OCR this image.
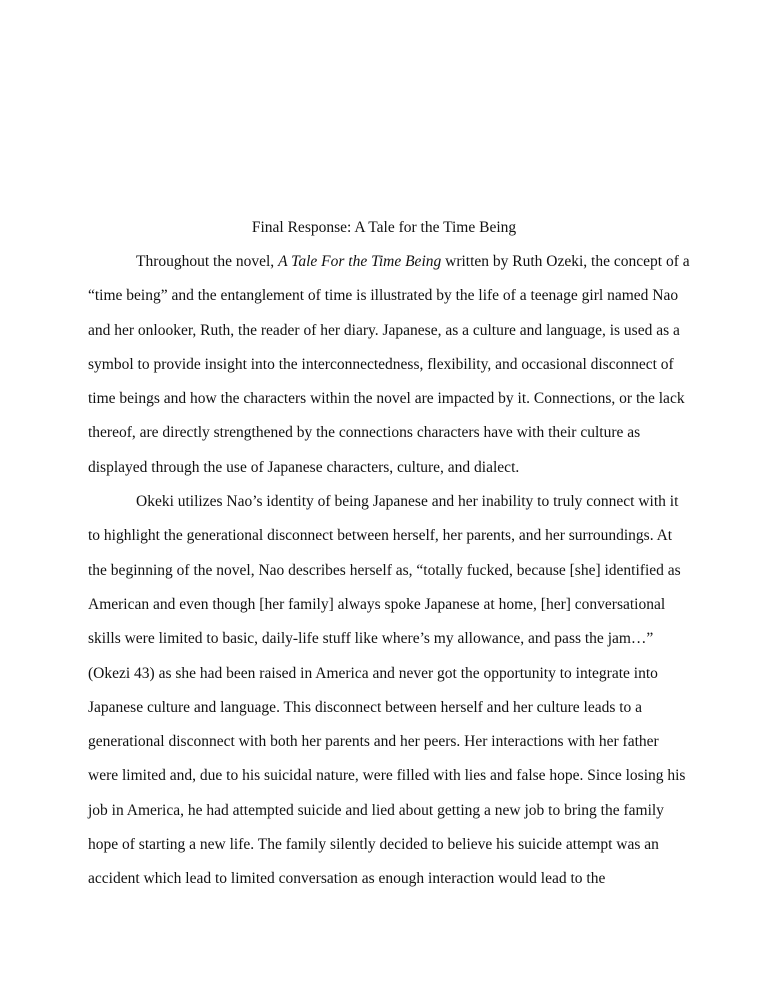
Final Response: A Tale for the Time Being
Throughout the novel, A Tale For the Time Being written by Ruth Ozeki, the concept of a
“time being” and the entanglement of time is illustrated by the life of a teenage girl named Nao
and her onlooker, Ruth, the reader of her diary. Japanese, as a culture and language, is used as a
symbol to provide insight into the interconnectedness, flexibility, and occasional disconnect of
time beings and how the characters within the novel are impacted by it. Connections, or the lack
thereof, are directly strengthened by the connections characters have with their culture as
displayed through the use of Japanese characters, culture, and dialect.
Okeki utilizes Nao’s identity of being Japanese and her inability to truly connect with it
to highlight the generational disconnect between herself, her parents, and her surroundings. At
the beginning of the novel, Nao describes herself as, “totally fucked, because [she] identified as
American and even though [her family] always spoke Japanese at home, [her] conversational
skills were limited to basic, daily-life stuff like where’s my allowance, and pass the jam…”
(Okezi 43) as she had been raised in America and never got the opportunity to integrate into
Japanese culture and language. This disconnect between herself and her culture leads to a
generational disconnect with both her parents and her peers. Her interactions with her father
were limited and, due to his suicidal nature, were filled with lies and false hope. Since losing his
job in America, he had attempted suicide and lied about getting a new job to bring the family
hope of starting a new life. The family silently decided to believe his suicide attempt was an
accident which lead to limited conversation as enough interaction would lead to the
